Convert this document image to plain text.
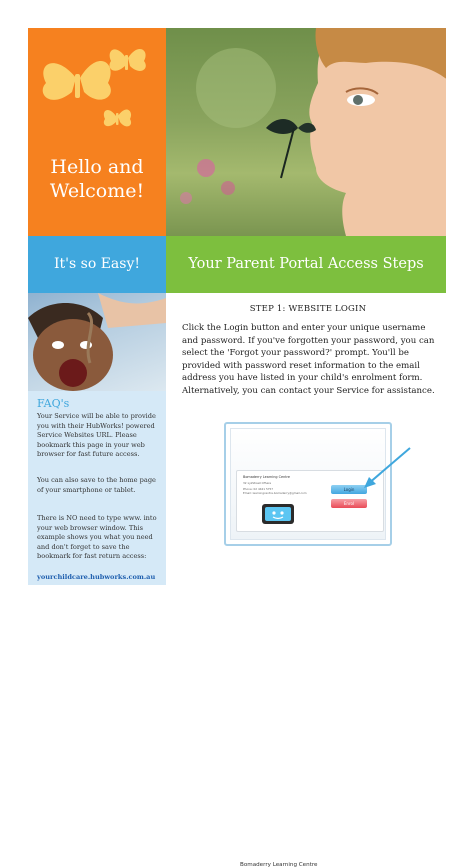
Hello and
Welcome!
It's so Easy!	Your Parent Portal Access Steps
FAQ's
Your Service will be able to provide you with their HubWorks! powered Service Websites URL. Please bookmark this page in your web browser for fast future access.
You can also save to the home page of your smartphone or tablet.
There is NO need to type www. into your web browser window. This example shows you what you need and don't forget to save the bookmark for fast return access:
yourchildcare.hubworks.com.au
STEP 1: WEBSITE LOGIN
Click the Login button and enter your unique username and password. If you've forgotten your password, you can select the 'Forgot your password?' prompt. You'll be provided with password reset information to the email address you have listed in your child's enrolment form. Alternatively, you can contact your Service for assistance.
Bomaderry Learning Centre
Bomaderry Learning Centre
32 xyzStreet Ofhere
Phone: 02 4421 5757
Email: learningcentre.bomaderry@gmail.com
Login
Enrol
